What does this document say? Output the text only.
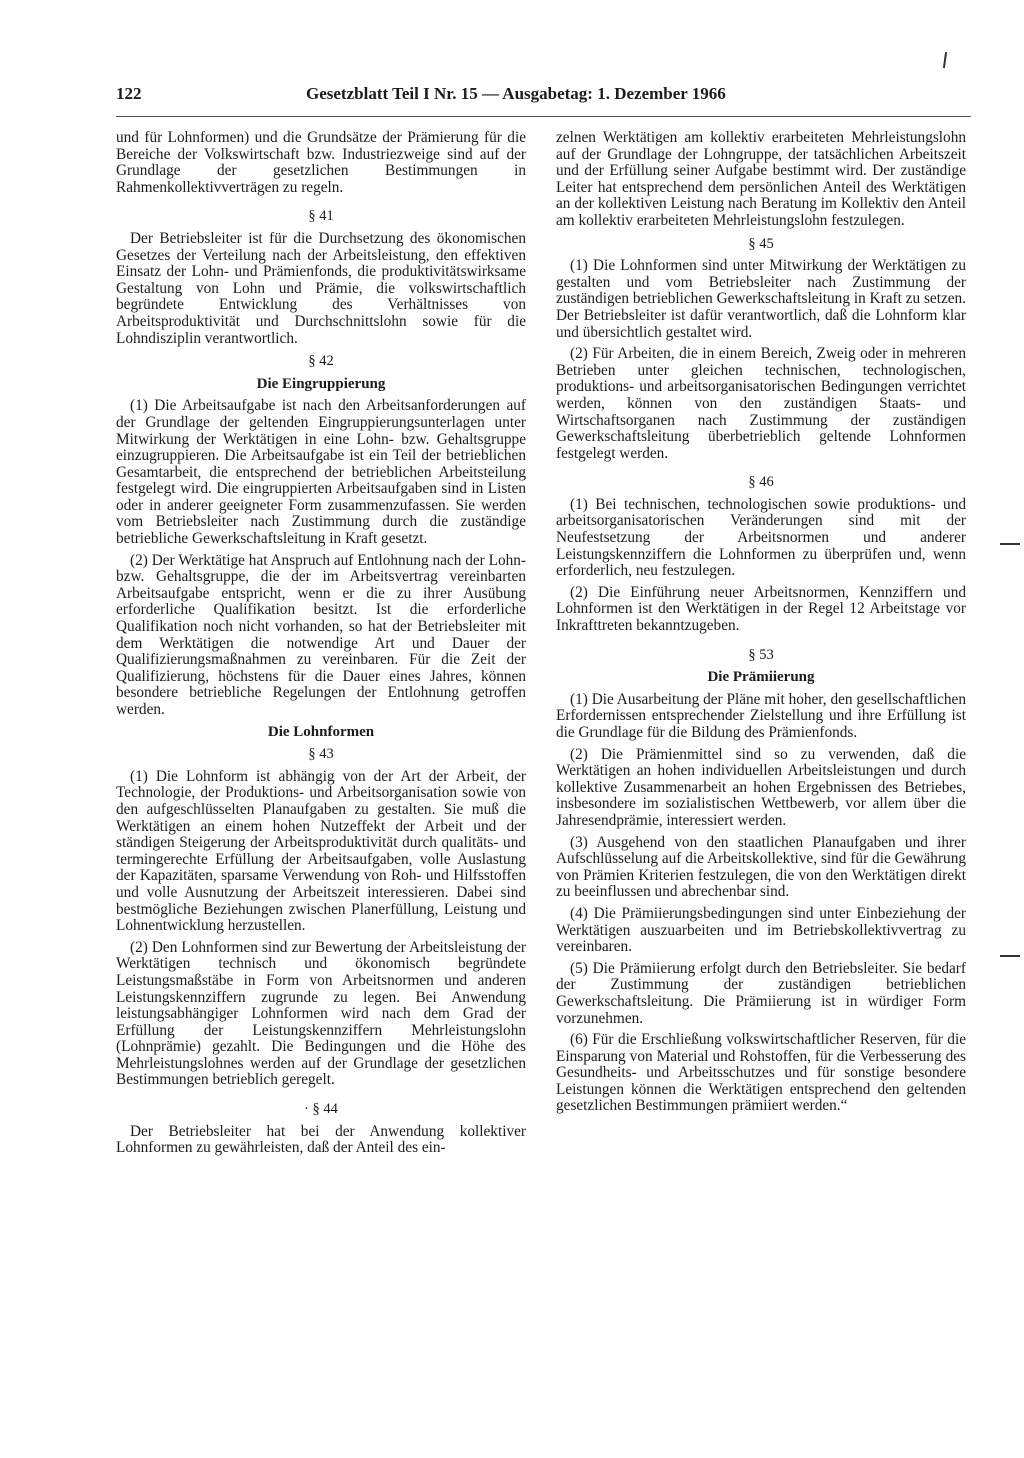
122	Gesetzblatt Teil I Nr. 15 — Ausgabetag: 1. Dezember 1966

und für Lohnformen) und die Grundsätze der Prämierung für die Bereiche der Volkswirtschaft bzw. Industriezweige sind auf der Grundlage der gesetzlichen Bestimmungen in Rahmenkollektivverträgen zu regeln.

§ 41

Der Betriebsleiter ist für die Durchsetzung des ökonomischen Gesetzes der Verteilung nach der Arbeitsleistung, den effektiven Einsatz der Lohn- und Prämienfonds, die produktivitätswirksame Gestaltung von Lohn und Prämie, die volkswirtschaftlich begründete Entwicklung des Verhältnisses von Arbeitsproduktivität und Durchschnittslohn sowie für die Lohndisziplin verantwortlich.

§ 42
Die Eingruppierung

(1) Die Arbeitsaufgabe ist nach den Arbeitsanforderungen auf der Grundlage der geltenden Eingruppierungsunterlagen unter Mitwirkung der Werktätigen in eine Lohn- bzw. Gehaltsgruppe einzugruppieren. Die Arbeitsaufgabe ist ein Teil der betrieblichen Gesamtarbeit, die entsprechend der betrieblichen Arbeitsteilung festgelegt wird. Die eingruppierten Arbeitsaufgaben sind in Listen oder in anderer geeigneter Form zusammenzufassen. Sie werden vom Betriebsleiter nach Zustimmung durch die zuständige betriebliche Gewerkschaftsleitung in Kraft gesetzt.

(2) Der Werktätige hat Anspruch auf Entlohnung nach der Lohn- bzw. Gehaltsgruppe, die der im Arbeitsvertrag vereinbarten Arbeitsaufgabe entspricht, wenn er die zu ihrer Ausübung erforderliche Qualifikation besitzt. Ist die erforderliche Qualifikation noch nicht vorhanden, so hat der Betriebsleiter mit dem Werktätigen die notwendige Art und Dauer der Qualifizierungsmaßnahmen zu vereinbaren. Für die Zeit der Qualifizierung, höchstens für die Dauer eines Jahres, können besondere betriebliche Regelungen der Entlohnung getroffen werden.

Die Lohnformen
§ 43

(1) Die Lohnform ist abhängig von der Art der Arbeit, der Technologie, der Produktions- und Arbeitsorganisation sowie von den aufgeschlüsselten Planaufgaben zu gestalten. Sie muß die Werktätigen an einem hohen Nutzeffekt der Arbeit und der ständigen Steigerung der Arbeitsproduktivität durch qualitäts- und termingerechte Erfüllung der Arbeitsaufgaben, volle Auslastung der Kapazitäten, sparsame Verwendung von Roh- und Hilfsstoffen und volle Ausnutzung der Arbeitszeit interessieren. Dabei sind bestmögliche Beziehungen zwischen Planerfüllung, Leistung und Lohnentwicklung herzustellen.

(2) Den Lohnformen sind zur Bewertung der Arbeitsleistung der Werktätigen technisch und ökonomisch begründete Leistungsmaßstäbe in Form von Arbeitsnormen und anderen Leistungskennziffern zugrunde zu legen. Bei Anwendung leistungsabhängiger Lohnformen wird nach dem Grad der Erfüllung der Leistungskennziffern Mehrleistungslohn (Lohnprämie) gezahlt. Die Bedingungen und die Höhe des Mehrleistungslohnes werden auf der Grundlage der gesetzlichen Bestimmungen betrieblich geregelt.

· § 44

Der Betriebsleiter hat bei der Anwendung kollektiver Lohnformen zu gewährleisten, daß der Anteil des ein-

zelnen Werktätigen am kollektiv erarbeiteten Mehrleistungslohn auf der Grundlage der Lohngruppe, der tatsächlichen Arbeitszeit und der Erfüllung seiner Aufgabe bestimmt wird. Der zuständige Leiter hat entsprechend dem persönlichen Anteil des Werktätigen an der kollektiven Leistung nach Beratung im Kollektiv den Anteil am kollektiv erarbeiteten Mehrleistungslohn festzulegen.

§ 45

(1) Die Lohnformen sind unter Mitwirkung der Werktätigen zu gestalten und vom Betriebsleiter nach Zustimmung der zuständigen betrieblichen Gewerkschaftsleitung in Kraft zu setzen. Der Betriebsleiter ist dafür verantwortlich, daß die Lohnform klar und übersichtlich gestaltet wird.

(2) Für Arbeiten, die in einem Bereich, Zweig oder in mehreren Betrieben unter gleichen technischen, technologischen, produktions- und arbeitsorganisatorischen Bedingungen verrichtet werden, können von den zuständigen Staats- und Wirtschaftsorganen nach Zustimmung der zuständigen Gewerkschaftsleitung überbetrieblich geltende Lohnformen festgelegt werden.

§ 46

(1) Bei technischen, technologischen sowie produktions- und arbeitsorganisatorischen Veränderungen sind mit der Neufestsetzung der Arbeitsnormen und anderer Leistungskennziffern die Lohnformen zu überprüfen und, wenn erforderlich, neu festzulegen.

(2) Die Einführung neuer Arbeitsnormen, Kennziffern und Lohnformen ist den Werktätigen in der Regel 12 Arbeitstage vor Inkrafttreten bekanntzugeben.

§ 53
Die Prämiierung

(1) Die Ausarbeitung der Pläne mit hoher, den gesellschaftlichen Erfordernissen entsprechender Zielstellung und ihre Erfüllung ist die Grundlage für die Bildung des Prämienfonds.

(2) Die Prämienmittel sind so zu verwenden, daß die Werktätigen an hohen individuellen Arbeitsleistungen und durch kollektive Zusammenarbeit an hohen Ergebnissen des Betriebes, insbesondere im sozialistischen Wettbewerb, vor allem über die Jahresendprämie, interessiert werden.

(3) Ausgehend von den staatlichen Planaufgaben und ihrer Aufschlüsselung auf die Arbeitskollektive, sind für die Gewährung von Prämien Kriterien festzulegen, die von den Werktätigen direkt zu beeinflussen und abrechenbar sind.

(4) Die Prämiierungsbedingungen sind unter Einbeziehung der Werktätigen auszuarbeiten und im Betriebskollektivvertrag zu vereinbaren.

(5) Die Prämiierung erfolgt durch den Betriebsleiter. Sie bedarf der Zustimmung der zuständigen betrieblichen Gewerkschaftsleitung. Die Prämiierung ist in würdiger Form vorzunehmen.

(6) Für die Erschließung volkswirtschaftlicher Reserven, für die Einsparung von Material und Rohstoffen, für die Verbesserung des Gesundheits- und Arbeitsschutzes und für sonstige besondere Leistungen können die Werktätigen entsprechend den geltenden gesetzlichen Bestimmungen prämiiert werden.“
